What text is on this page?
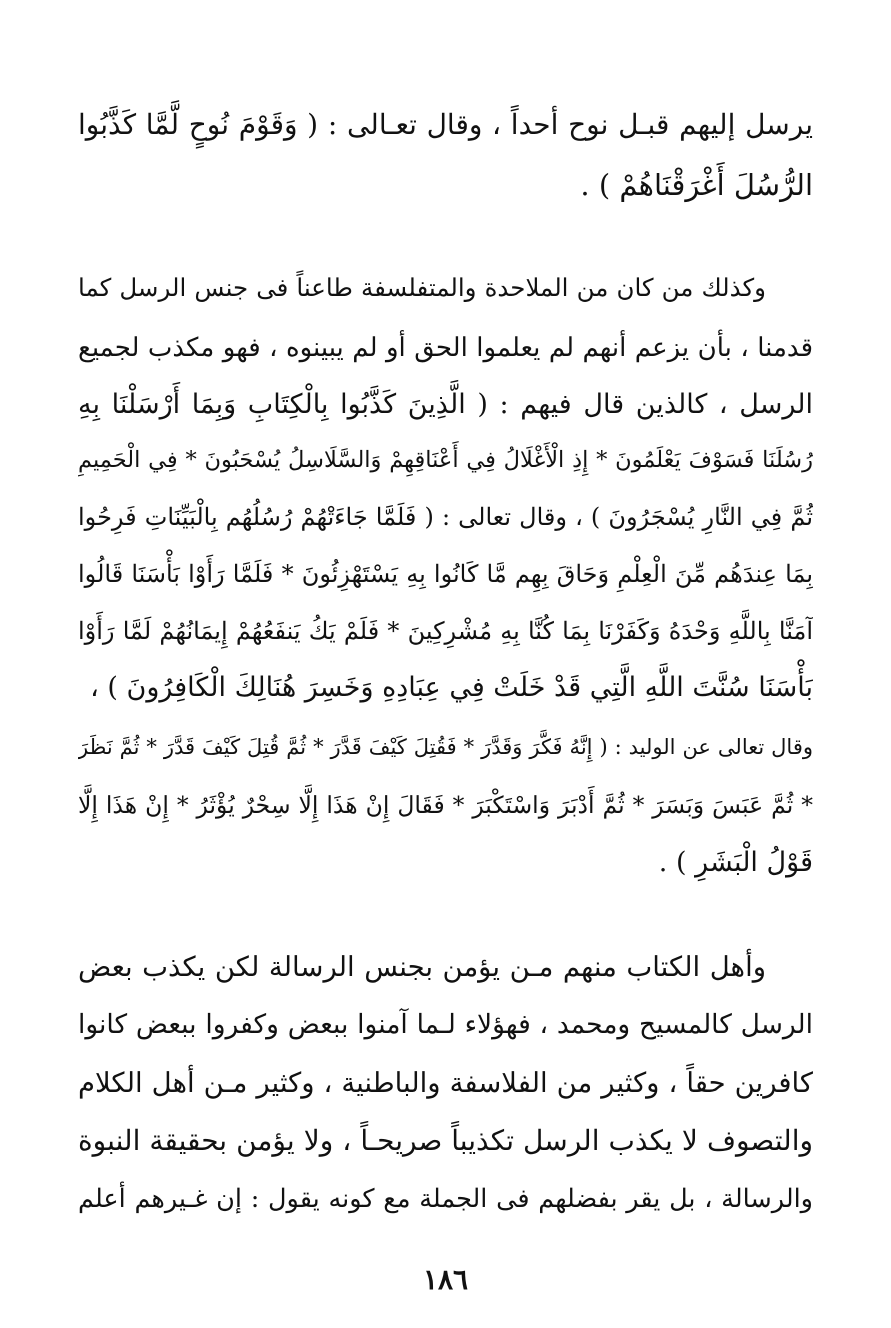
يرسل إليهم قبـل نوح أحداً ، وقال تعـالى : ( وَقَوْمَ نُوحٍ لَّمَّا كَذَّبُوا
الرُّسُلَ أَغْرَقْنَاهُمْ ) .
وكذلك من كان من الملاحدة والمتفلسفة طاعناً فى جنس الرسل كما
قدمنا ، بأن يزعم أنهم لم يعلموا الحق أو لم يبينوه ، فهو مكذب لجميع
الرسل ، كالذين قال فيهم : ( الَّذِينَ كَذَّبُوا بِالْكِتَابِ وَبِمَا أَرْسَلْنَا بِهِ
رُسُلَنَا فَسَوْفَ يَعْلَمُونَ * إِذِ الْأَغْلَالُ فِي أَعْنَاقِهِمْ وَالسَّلَاسِلُ يُسْحَبُونَ * فِي الْحَمِيمِ
ثُمَّ فِي النَّارِ يُسْجَرُونَ ) ، وقال تعالى : ( فَلَمَّا جَاءَتْهُمْ رُسُلُهُم بِالْبَيِّنَاتِ فَرِحُوا
بِمَا عِندَهُم مِّنَ الْعِلْمِ وَحَاقَ بِهِم مَّا كَانُوا بِهِ يَسْتَهْزِئُونَ * فَلَمَّا رَأَوْا بَأْسَنَا قَالُوا
آمَنَّا بِاللَّهِ وَحْدَهُ وَكَفَرْنَا بِمَا كُنَّا بِهِ مُشْرِكِينَ * فَلَمْ يَكُ يَنفَعُهُمْ إِيمَانُهُمْ لَمَّا رَأَوْا
بَأْسَنَا سُنَّتَ اللَّهِ الَّتِي قَدْ خَلَتْ فِي عِبَادِهِ وَخَسِرَ هُنَالِكَ الْكَافِرُونَ ) ،
وقال تعالى عن الوليد : ( إِنَّهُ فَكَّرَ وَقَدَّرَ * فَقُتِلَ كَيْفَ قَدَّرَ * ثُمَّ قُتِلَ كَيْفَ قَدَّرَ * ثُمَّ نَظَرَ
* ثُمَّ عَبَسَ وَبَسَرَ * ثُمَّ أَدْبَرَ وَاسْتَكْبَرَ * فَقَالَ إِنْ هَذَا إِلَّا سِحْرٌ يُؤْثَرُ * إِنْ هَذَا إِلَّا
قَوْلُ الْبَشَرِ ) .
وأهل الكتاب منهم مـن يؤمن بجنس الرسالة لكن يكذب بعض
الرسل كالمسيح ومحمد ، فهؤلاء لـما آمنوا ببعض وكفروا ببعض كانوا
كافرين حقاً ، وكثير من الفلاسفة والباطنية ، وكثير مـن أهل الكلام
والتصوف لا يكذب الرسل تكذيباً صريحـاً ، ولا يؤمن بحقيقة النبوة
والرسالة ، بل يقر بفضلهم فى الجملة مع كونه يقول : إن غـيرهم أعلم
١٨٦
